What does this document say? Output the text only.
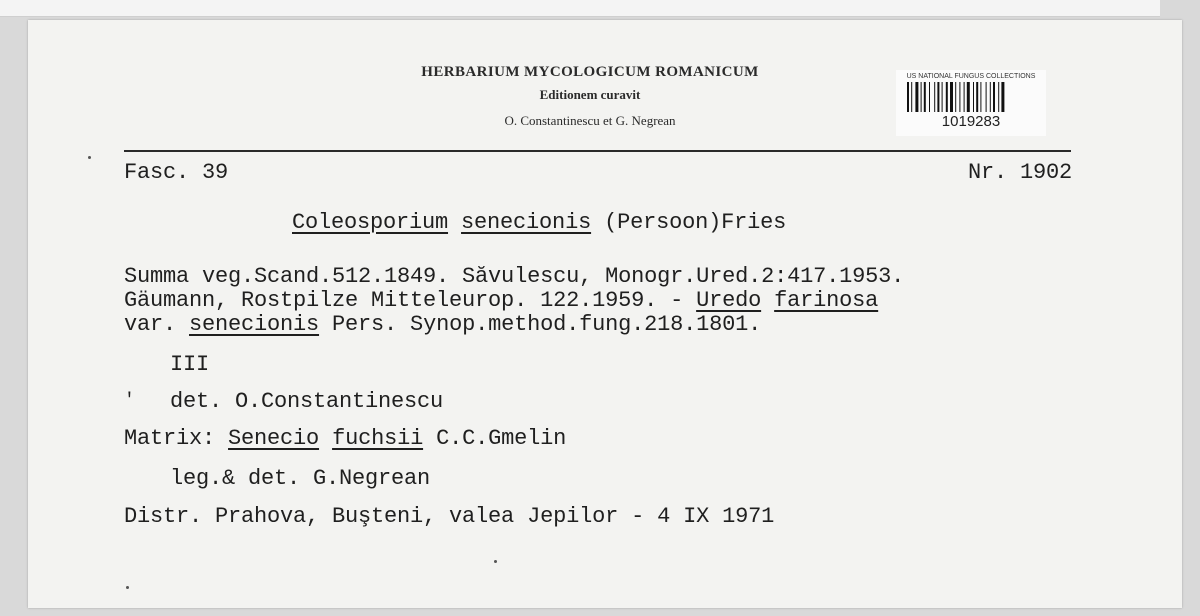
HERBARIUM MYCOLOGICUM ROMANICUM
Editionem curavit
O. Constantinescu et G. Negrean
US NATIONAL FUNGUS COLLECTIONS
1019283
Fasc. 39	Nr. 1902
Coleosporium senecionis (Persoon)Fries
Summa veg.Scand.512.1849. Săvulescu, Monogr.Ured.2:417.1953.
Gäumann, Rostpilze Mitteleurop. 122.1959. - Uredo farinosa
var. senecionis Pers. Synop.method.fung.218.1801.
III
' det. O.Constantinescu
Matrix: Senecio fuchsii C.C.Gmelin
leg.& det. G.Negrean
Distr. Prahova, Buşteni, valea Jepilor - 4 IX 1971
